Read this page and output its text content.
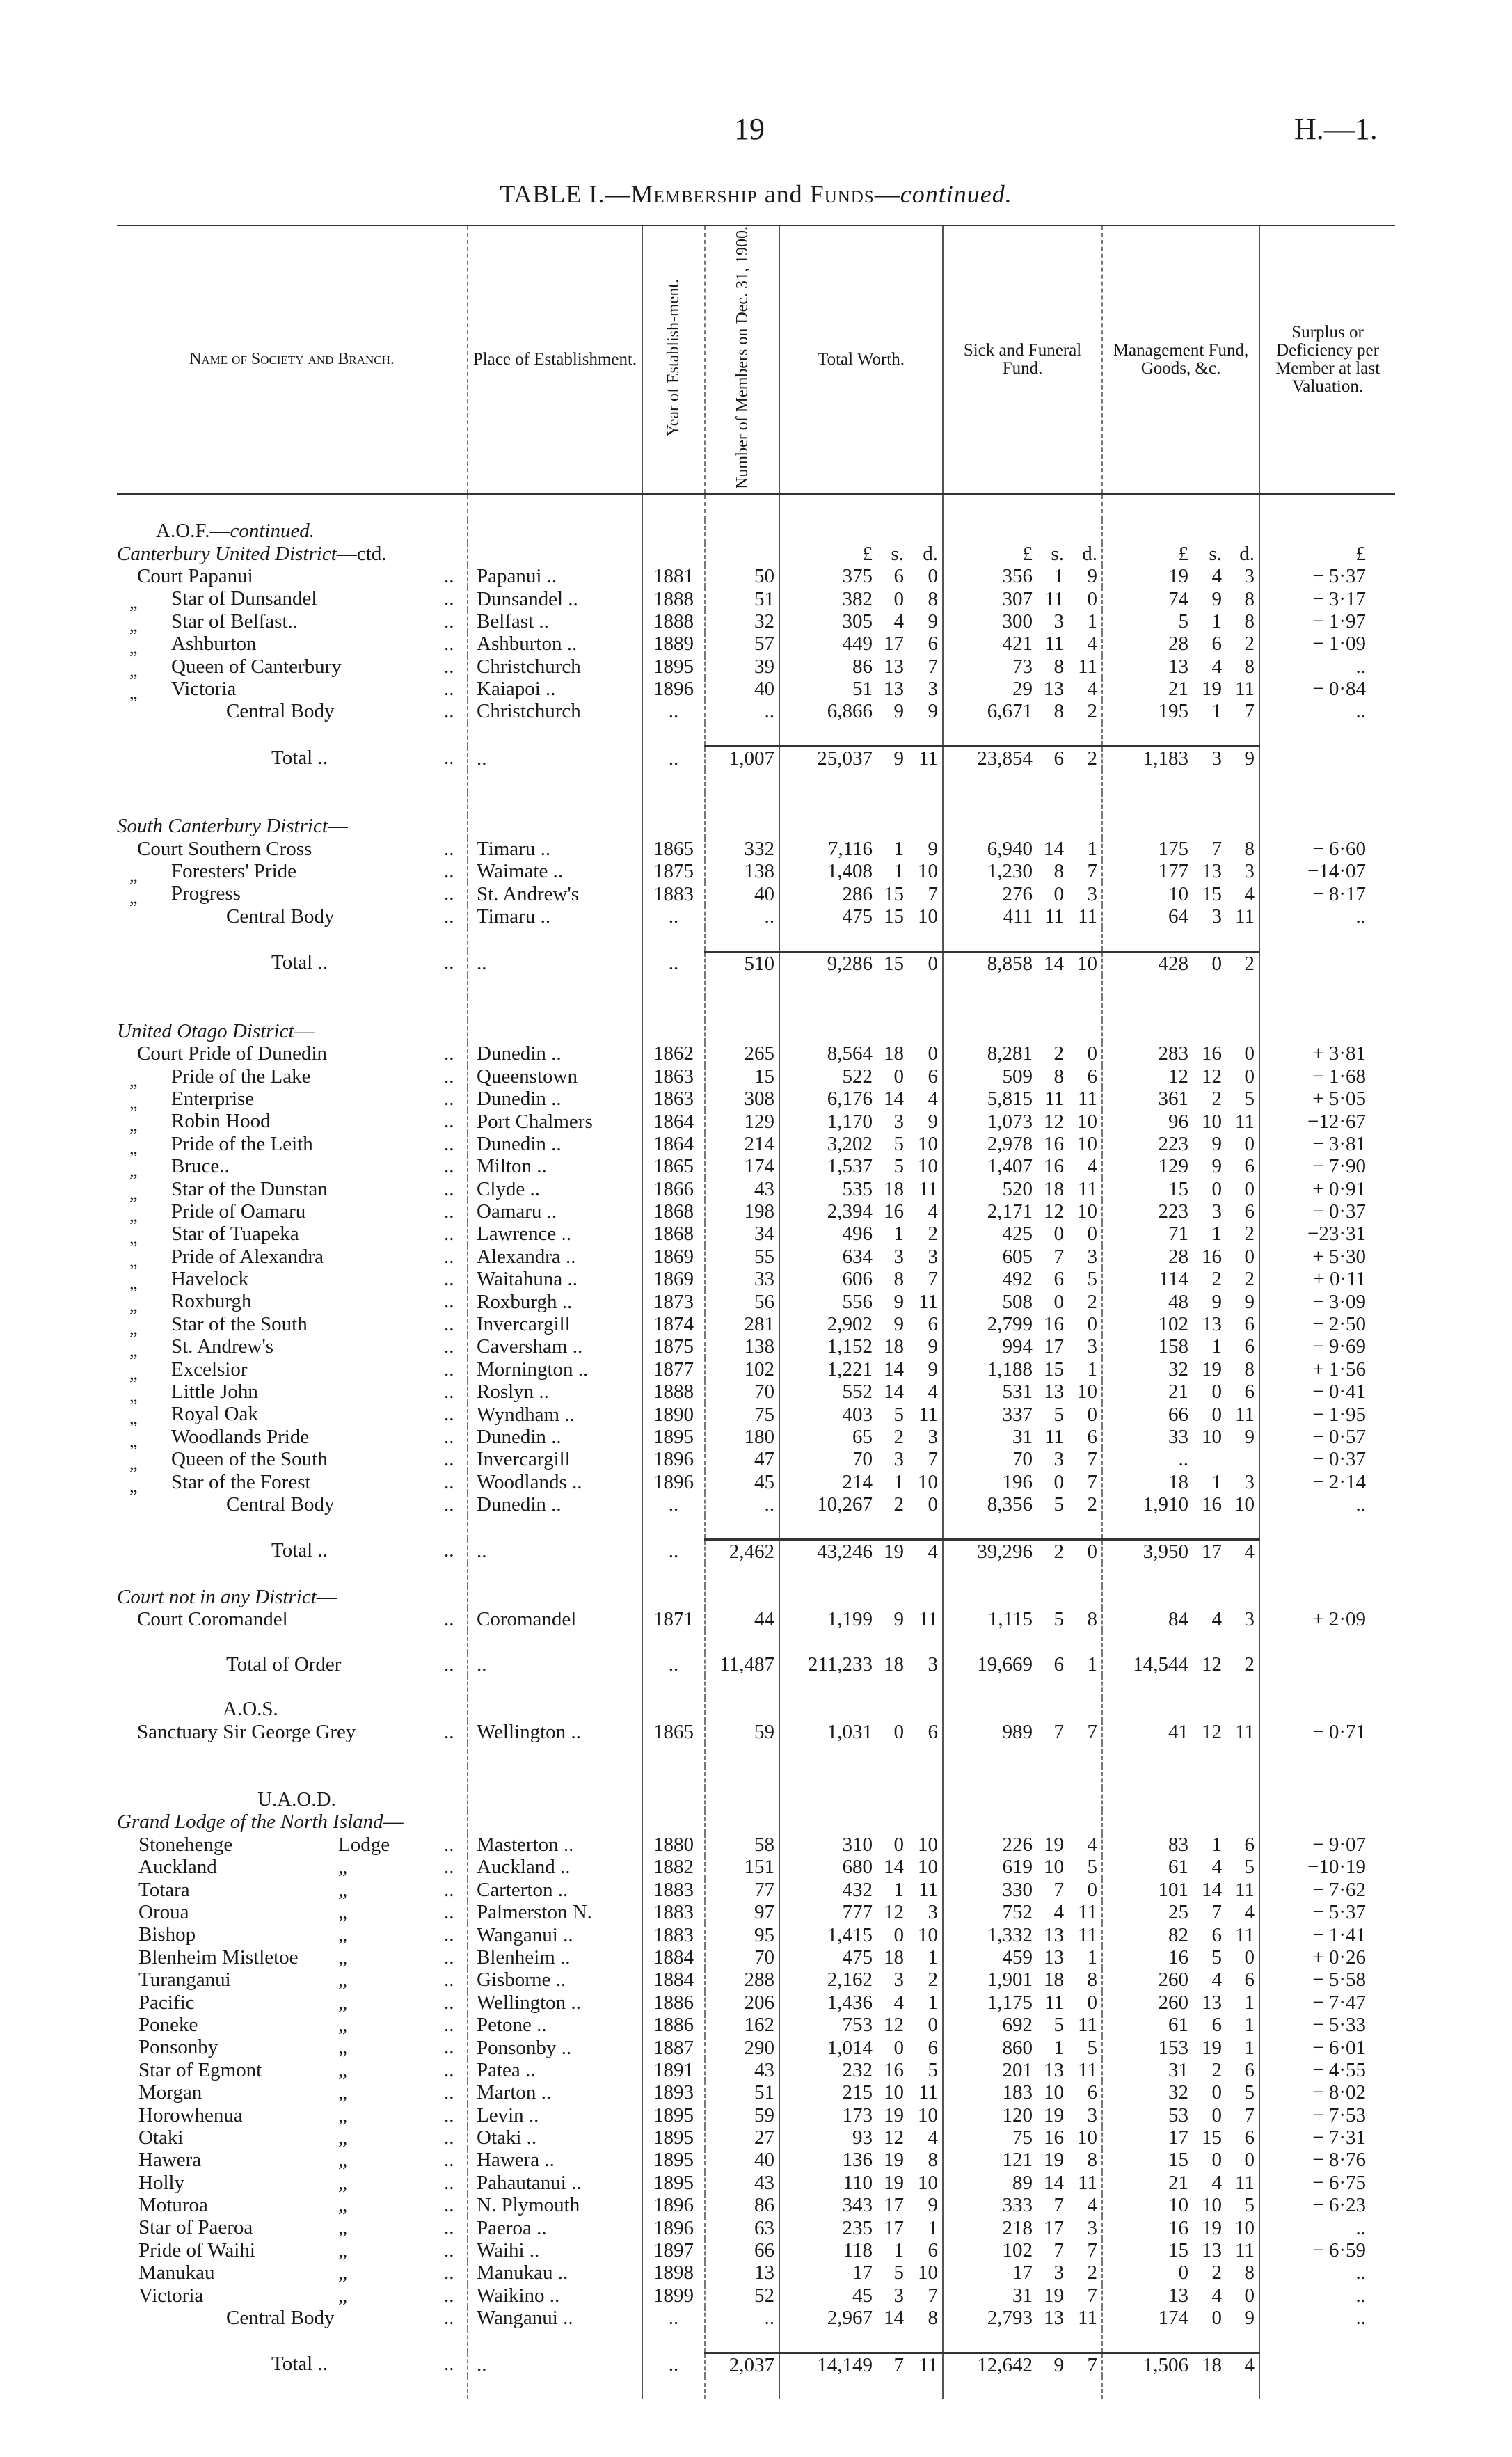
19	H.—1.
TABLE I.—Membership and Funds—continued.
Name of Society and Branch.	Place of Establishment.	Year of Establish-ment.	Number of Members on Dec. 31, 1900.	Total Worth.			Sick and Funeral Fund.			Management Fund, Goods, &c.			Surplus or Deficiency per Member at last Valuation.

A.O.F.—continued.													

Canterbury United District—ctd.				£	s.	d.	£	s.	d.	£	s.	d.	£

Court Papanui ..	Papanui ..	1881	50	375	6	0	356	1	9	19	4	3	− 5·37

„ Star of Dunsandel ..	Dunsandel ..	1888	51	382	0	8	307	11	0	74	9	8	− 3·17

„ Star of Belfast.. ..	Belfast ..	1888	32	305	4	9	300	3	1	5	1	8	− 1·97

„ Ashburton ..	Ashburton ..	1889	57	449	17	6	421	11	4	28	6	2	− 1·09

„ Queen of Canterbury ..	Christchurch	1895	39	86	13	7	73	8	11	13	4	8	..

„ Victoria ..	Kaiapoi ..	1896	40	51	13	3	29	13	4	21	19	11	− 0·84

Central Body ..	Christchurch	..	..	6,866	9	9	6,671	8	2	195	1	7	..

Total .. ..	..	..	1,007	25,037	9	11	23,854	6	2	1,183	3	9	

South Canterbury District—													

Court Southern Cross ..	Timaru ..	1865	332	7,116	1	9	6,940	14	1	175	7	8	− 6·60

„ Foresters' Pride ..	Waimate ..	1875	138	1,408	1	10	1,230	8	7	177	13	3	−14·07

„ Progress ..	St. Andrew's	1883	40	286	15	7	276	0	3	10	15	4	− 8·17

Central Body ..	Timaru ..	..	..	475	15	10	411	11	11	64	3	11	..

Total .. ..	..	..	510	9,286	15	0	8,858	14	10	428	0	2	

United Otago District—													

Court Pride of Dunedin ..	Dunedin ..	1862	265	8,564	18	0	8,281	2	0	283	16	0	+ 3·81

„ Pride of the Lake ..	Queenstown	1863	15	522	0	6	509	8	6	12	12	0	− 1·68

„ Enterprise ..	Dunedin ..	1863	308	6,176	14	4	5,815	11	11	361	2	5	+ 5·05

„ Robin Hood ..	Port Chalmers	1864	129	1,170	3	9	1,073	12	10	96	10	11	−12·67

„ Pride of the Leith ..	Dunedin ..	1864	214	3,202	5	10	2,978	16	10	223	9	0	− 3·81

„ Bruce.. ..	Milton ..	1865	174	1,537	5	10	1,407	16	4	129	9	6	− 7·90

„ Star of the Dunstan ..	Clyde ..	1866	43	535	18	11	520	18	11	15	0	0	+ 0·91

„ Pride of Oamaru ..	Oamaru ..	1868	198	2,394	16	4	2,171	12	10	223	3	6	− 0·37

„ Star of Tuapeka ..	Lawrence ..	1868	34	496	1	2	425	0	0	71	1	2	−23·31

„ Pride of Alexandra ..	Alexandra ..	1869	55	634	3	3	605	7	3	28	16	0	+ 5·30

„ Havelock ..	Waitahuna ..	1869	33	606	8	7	492	6	5	114	2	2	+ 0·11

„ Roxburgh ..	Roxburgh ..	1873	56	556	9	11	508	0	2	48	9	9	− 3·09

„ Star of the South ..	Invercargill	1874	281	2,902	9	6	2,799	16	0	102	13	6	− 2·50

„ St. Andrew's ..	Caversham ..	1875	138	1,152	18	9	994	17	3	158	1	6	− 9·69

„ Excelsior ..	Mornington ..	1877	102	1,221	14	9	1,188	15	1	32	19	8	+ 1·56

„ Little John ..	Roslyn ..	1888	70	552	14	4	531	13	10	21	0	6	− 0·41

„ Royal Oak ..	Wyndham ..	1890	75	403	5	11	337	5	0	66	0	11	− 1·95

„ Woodlands Pride ..	Dunedin ..	1895	180	65	2	3	31	11	6	33	10	9	− 0·57

„ Queen of the South ..	Invercargill	1896	47	70	3	7	70	3	7	..			− 0·37

„ Star of the Forest ..	Woodlands ..	1896	45	214	1	10	196	0	7	18	1	3	− 2·14

Central Body ..	Dunedin ..	..	..	10,267	2	0	8,356	5	2	1,910	16	10	..

Total .. ..	..	..	2,462	43,246	19	4	39,296	2	0	3,950	17	4	

Court not in any District—													

Court Coromandel ..	Coromandel	1871	44	1,199	9	11	1,115	5	8	84	4	3	+ 2·09

Total of Order ..	..	..	11,487	211,233	18	3	19,669	6	1	14,544	12	2	

A.O.S.													

Sanctuary Sir George Grey ..	Wellington ..	1865	59	1,031	0	6	989	7	7	41	12	11	− 0·71

U.A.O.D.													

Grand Lodge of the North Island—													

Stonehenge Lodge ..	Masterton ..	1880	58	310	0	10	226	19	4	83	1	6	− 9·07

Auckland „ ..	Auckland ..	1882	151	680	14	10	619	10	5	61	4	5	−10·19

Totara „ ..	Carterton ..	1883	77	432	1	11	330	7	0	101	14	11	− 7·62

Oroua „ ..	Palmerston N.	1883	97	777	12	3	752	4	11	25	7	4	− 5·37

Bishop „ ..	Wanganui ..	1883	95	1,415	0	10	1,332	13	11	82	6	11	− 1·41

Blenheim Mistletoe „ ..	Blenheim ..	1884	70	475	18	1	459	13	1	16	5	0	+ 0·26

Turanganui „ ..	Gisborne ..	1884	288	2,162	3	2	1,901	18	8	260	4	6	− 5·58

Pacific „ ..	Wellington ..	1886	206	1,436	4	1	1,175	11	0	260	13	1	− 7·47

Poneke „ ..	Petone ..	1886	162	753	12	0	692	5	11	61	6	1	− 5·33

Ponsonby „ ..	Ponsonby ..	1887	290	1,014	0	6	860	1	5	153	19	1	− 6·01

Star of Egmont „ ..	Patea ..	1891	43	232	16	5	201	13	11	31	2	6	− 4·55

Morgan „ ..	Marton ..	1893	51	215	10	11	183	10	6	32	0	5	− 8·02

Horowhenua „ ..	Levin ..	1895	59	173	19	10	120	19	3	53	0	7	− 7·53

Otaki „ ..	Otaki ..	1895	27	93	12	4	75	16	10	17	15	6	− 7·31

Hawera „ ..	Hawera ..	1895	40	136	19	8	121	19	8	15	0	0	− 8·76

Holly „ ..	Pahautanui ..	1895	43	110	19	10	89	14	11	21	4	11	− 6·75

Moturoa „ ..	N. Plymouth	1896	86	343	17	9	333	7	4	10	10	5	− 6·23

Star of Paeroa „ ..	Paeroa ..	1896	63	235	17	1	218	17	3	16	19	10	..

Pride of Waihi „ ..	Waihi ..	1897	66	118	1	6	102	7	7	15	13	11	− 6·59

Manukau „ ..	Manukau ..	1898	13	17	5	10	17	3	2	0	2	8	..

Victoria „ ..	Waikino ..	1899	52	45	3	7	31	19	7	13	4	0	..

Central Body ..	Wanganui ..	..	..	2,967	14	8	2,793	13	11	174	0	9	..

Total .. ..	..	..	2,037	14,149	7	11	12,642	9	7	1,506	18	4	
